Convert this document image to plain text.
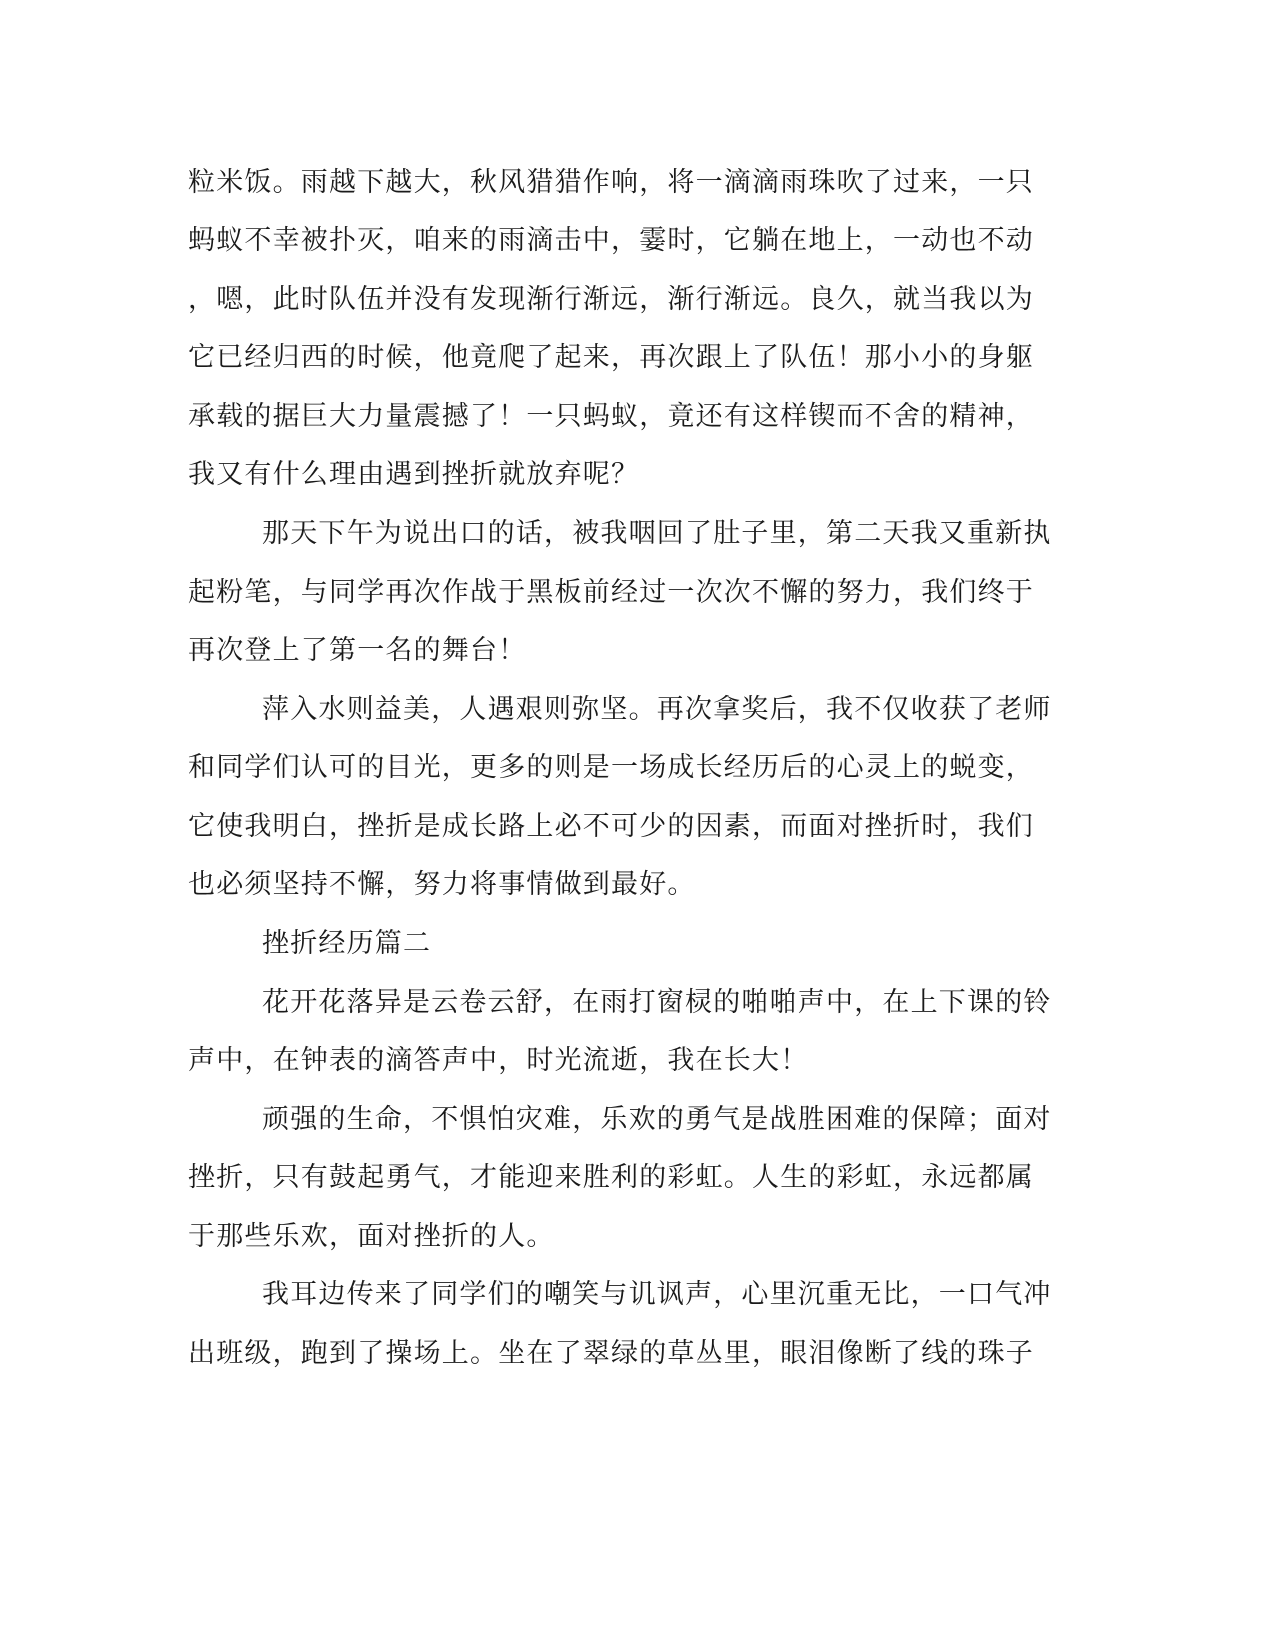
粒米饭。雨越下越大，秋风猎猎作响，将一滴滴雨珠吹了过来，一只
蚂蚁不幸被扑灭，咱来的雨滴击中，霎时，它躺在地上，一动也不动
，嗯，此时队伍并没有发现渐行渐远，渐行渐远。良久，就当我以为
它已经归西的时候，他竟爬了起来，再次跟上了队伍！那小小的身躯
承载的据巨大力量震撼了！一只蚂蚁，竟还有这样锲而不舍的精神，
我又有什么理由遇到挫折就放弃呢？
那天下午为说出口的话，被我咽回了肚子里，第二天我又重新执
起粉笔，与同学再次作战于黑板前经过一次次不懈的努力，我们终于
再次登上了第一名的舞台！
萍入水则益美，人遇艰则弥坚。再次拿奖后，我不仅收获了老师
和同学们认可的目光，更多的则是一场成长经历后的心灵上的蜕变，
它使我明白，挫折是成长路上必不可少的因素，而面对挫折时，我们
也必须坚持不懈，努力将事情做到最好。
挫折经历篇二
花开花落异是云卷云舒，在雨打窗棂的啪啪声中，在上下课的铃
声中，在钟表的滴答声中，时光流逝，我在长大！
顽强的生命，不惧怕灾难，乐欢的勇气是战胜困难的保障；面对
挫折，只有鼓起勇气，才能迎来胜利的彩虹。人生的彩虹，永远都属
于那些乐欢，面对挫折的人。
我耳边传来了同学们的嘲笑与讥讽声，心里沉重无比，一口气冲
出班级，跑到了操场上。坐在了翠绿的草丛里，眼泪像断了线的珠子
